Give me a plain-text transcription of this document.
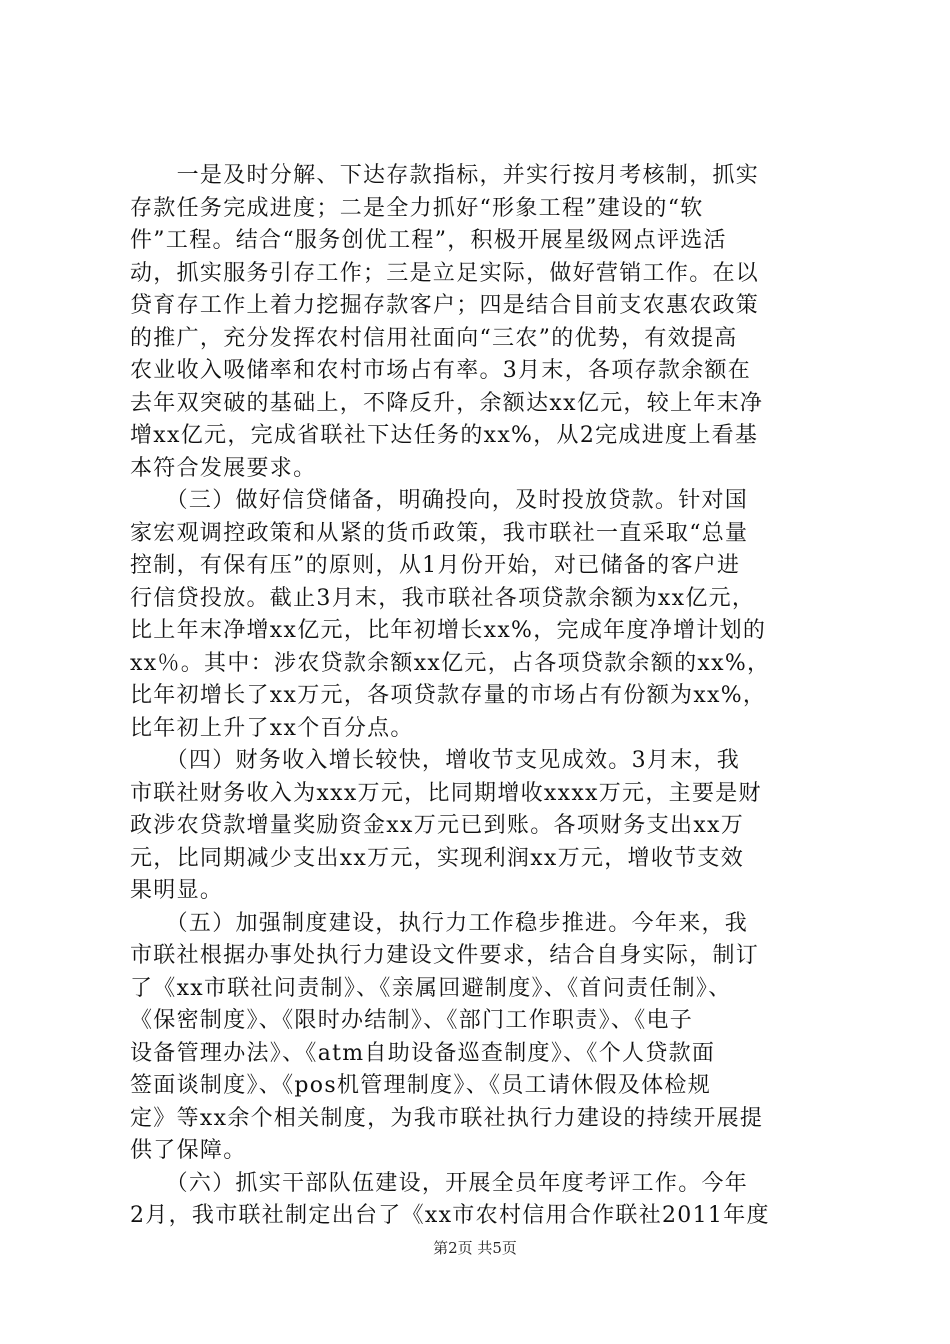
　　一是及时分解、下达存款指标，并实行按月考核制，抓实
存款任务完成进度；二是全力抓好“形象工程”建设的“软
件”工程。结合“服务创优工程”，积极开展星级网点评选活
动，抓实服务引存工作；三是立足实际，做好营销工作。在以
贷育存工作上着力挖掘存款客户；四是结合目前支农惠农政策
的推广，充分发挥农村信用社面向“三农”的优势，有效提高
农业收入吸储率和农村市场占有率。3月末，各项存款余额在
去年双突破的基础上，不降反升，余额达xx亿元，较上年末净
增xx亿元，完成省联社下达任务的xx%，从2完成进度上看基
本符合发展要求。
　　（三）做好信贷储备，明确投向，及时投放贷款。针对国
家宏观调控政策和从紧的货币政策，我市联社一直采取“总量
控制，有保有压”的原则，从1月份开始，对已储备的客户进
行信贷投放。截止3月末，我市联社各项贷款余额为xx亿元，
比上年末净增xx亿元，比年初增长xx%，完成年度净增计划的
xx％。其中：涉农贷款余额xx亿元，占各项贷款余额的xx%，
比年初增长了xx万元，各项贷款存量的市场占有份额为xx%，
比年初上升了xx个百分点。
　　（四）财务收入增长较快，增收节支见成效。3月末，我
市联社财务收入为xxx万元，比同期增收xxxx万元，主要是财
政涉农贷款增量奖励资金xx万元已到账。各项财务支出xx万
元，比同期减少支出xx万元，实现利润xx万元，增收节支效
果明显。
　　（五）加强制度建设，执行力工作稳步推进。今年来，我
市联社根据办事处执行力建设文件要求，结合自身实际，制订
了《xx市联社问责制》、《亲属回避制度》、《首问责任制》、
《保密制度》、《限时办结制》、《部门工作职责》、《电子
设备管理办法》、《atm自助设备巡查制度》、《个人贷款面
签面谈制度》、《pos机管理制度》、《员工请休假及体检规
定》等xx余个相关制度，为我市联社执行力建设的持续开展提
供了保障。
　　（六）抓实干部队伍建设，开展全员年度考评工作。今年
2月，我市联社制定出台了《xx市农村信用合作联社2011年度
第2页 共5页
